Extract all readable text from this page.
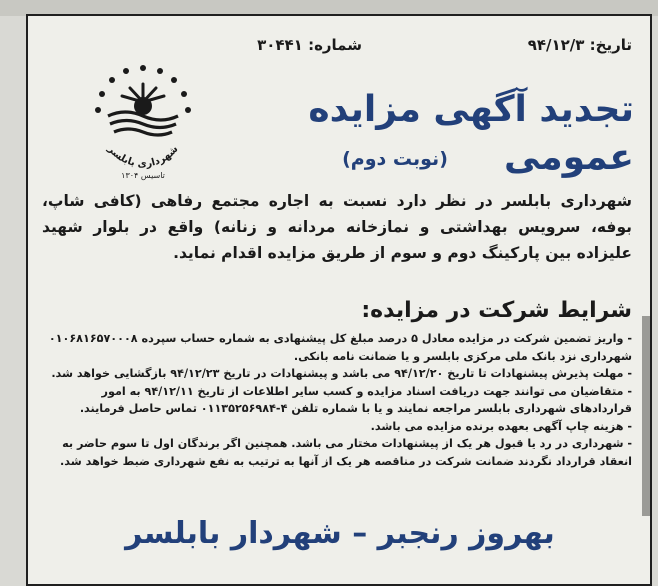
تاریخ: ۹۴/۱۲/۳
شماره: ۳۰۴۴۱
شهرداری بابلسر
تاسیس ۱۳۰۴
تجدید آگهی مزایده عمومی
(نوبت دوم)
شهرداری بابلسر در نظر دارد نسبت به اجاره مجتمع رفاهی (کافی شاپ، بوفه، سرویس بهداشتی و نمازخانه مردانه و زنانه) واقع در بلوار شهید علیزاده بین پارکینگ دوم و سوم از طریق مزایده اقدام نماید.
شرایط شرکت در مزایده:
- واریز تضمین شرکت در مزایده معادل ۵ درصد مبلغ کل پیشنهادی به شماره حساب سپرده ۰۱۰۶۸۱۶۵۷۰۰۰۸ شهرداری نزد بانک ملی مرکزی بابلسر و یا ضمانت نامه بانکی.
- مهلت پذیرش پیشنهادات تا تاریخ ۹۴/۱۲/۲۰ می باشد و پیشنهادات در تاریخ ۹۴/۱۲/۲۳ بازگشایی خواهد شد.
- متقاضیان می توانند جهت دریافت اسناد مزایده و کسب سایر اطلاعات از تاریخ ۹۴/۱۲/۱۱ به امور قراردادهای شهرداری بابلسر مراجعه نمایند و یا با شماره تلفن ۴-۰۱۱۳۵۲۵۶۹۸۴ تماس حاصل فرمایند.
- هزینه چاپ آگهی بعهده برنده مزایده می باشد.
- شهرداری در رد یا قبول هر یک از پیشنهادات مختار می باشد. همچنین اگر برندگان اول تا سوم حاضر به انعقاد قرارداد نگردند ضمانت شرکت در مناقصه هر یک از آنها به ترتیب به نفع شهرداری ضبط خواهد شد.
بهروز رنجبر – شهردار بابلسر
